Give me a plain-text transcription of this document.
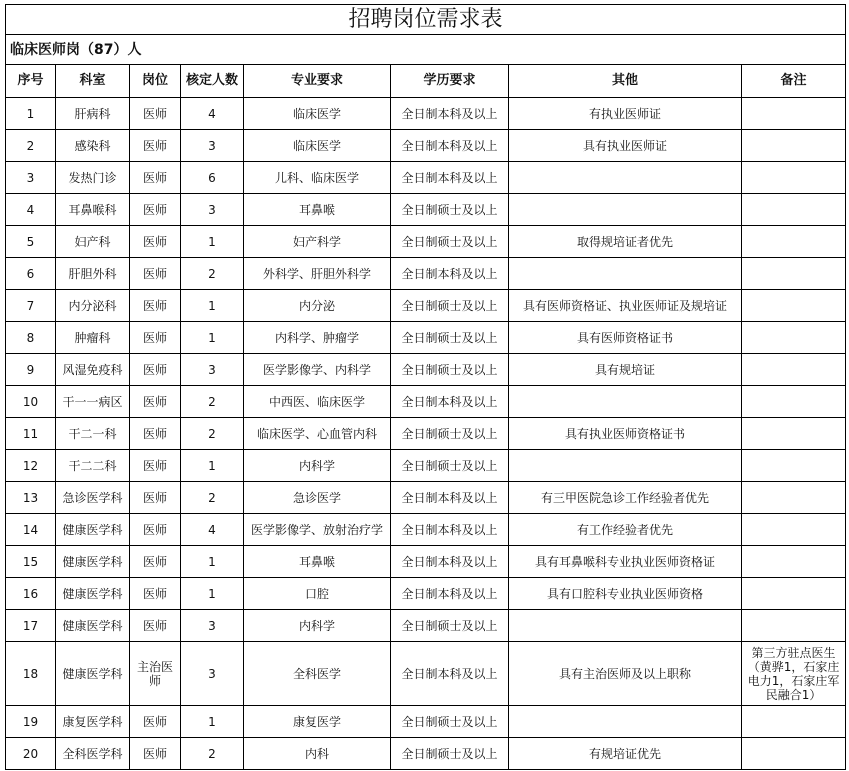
招聘岗位需求表							
临床医师岗（87）人							
序号	科室	岗位	核定人数	专业要求	学历要求	其他	备注
1	肝病科	医师	4	临床医学	全日制本科及以上	有执业医师证	
2	感染科	医师	3	临床医学	全日制本科及以上	具有执业医师证	
3	发热门诊	医师	6	儿科、临床医学	全日制本科及以上		
4	耳鼻喉科	医师	3	耳鼻喉	全日制硕士及以上		
5	妇产科	医师	1	妇产科学	全日制硕士及以上	取得规培证者优先	
6	肝胆外科	医师	2	外科学、肝胆外科学	全日制本科及以上		
7	内分泌科	医师	1	内分泌	全日制硕士及以上	具有医师资格证、执业医师证及规培证	
8	肿瘤科	医师	1	内科学、肿瘤学	全日制硕士及以上	具有医师资格证书	
9	风湿免疫科	医师	3	医学影像学、内科学	全日制硕士及以上	具有规培证	
10	干一一病区	医师	2	中西医、临床医学	全日制本科及以上		
11	干二一科	医师	2	临床医学、心血管内科	全日制硕士及以上	具有执业医师资格证书	
12	干二二科	医师	1	内科学	全日制硕士及以上		
13	急诊医学科	医师	2	急诊医学	全日制本科及以上	有三甲医院急诊工作经验者优先	
14	健康医学科	医师	4	医学影像学、放射治疗学	全日制本科及以上	有工作经验者优先	
15	健康医学科	医师	1	耳鼻喉	全日制本科及以上	具有耳鼻喉科专业执业医师资格证	
16	健康医学科	医师	1	口腔	全日制本科及以上	具有口腔科专业执业医师资格	
17	健康医学科	医师	3	内科学	全日制硕士及以上		
18	健康医学科	主治医师	3	全科医学	全日制本科及以上	具有主治医师及以上职称	第三方驻点医生（黄骅1，石家庄电力1，石家庄军民融合1）
19	康复医学科	医师	1	康复医学	全日制硕士及以上		
20	全科医学科	医师	2	内科	全日制硕士及以上	有规培证优先	
